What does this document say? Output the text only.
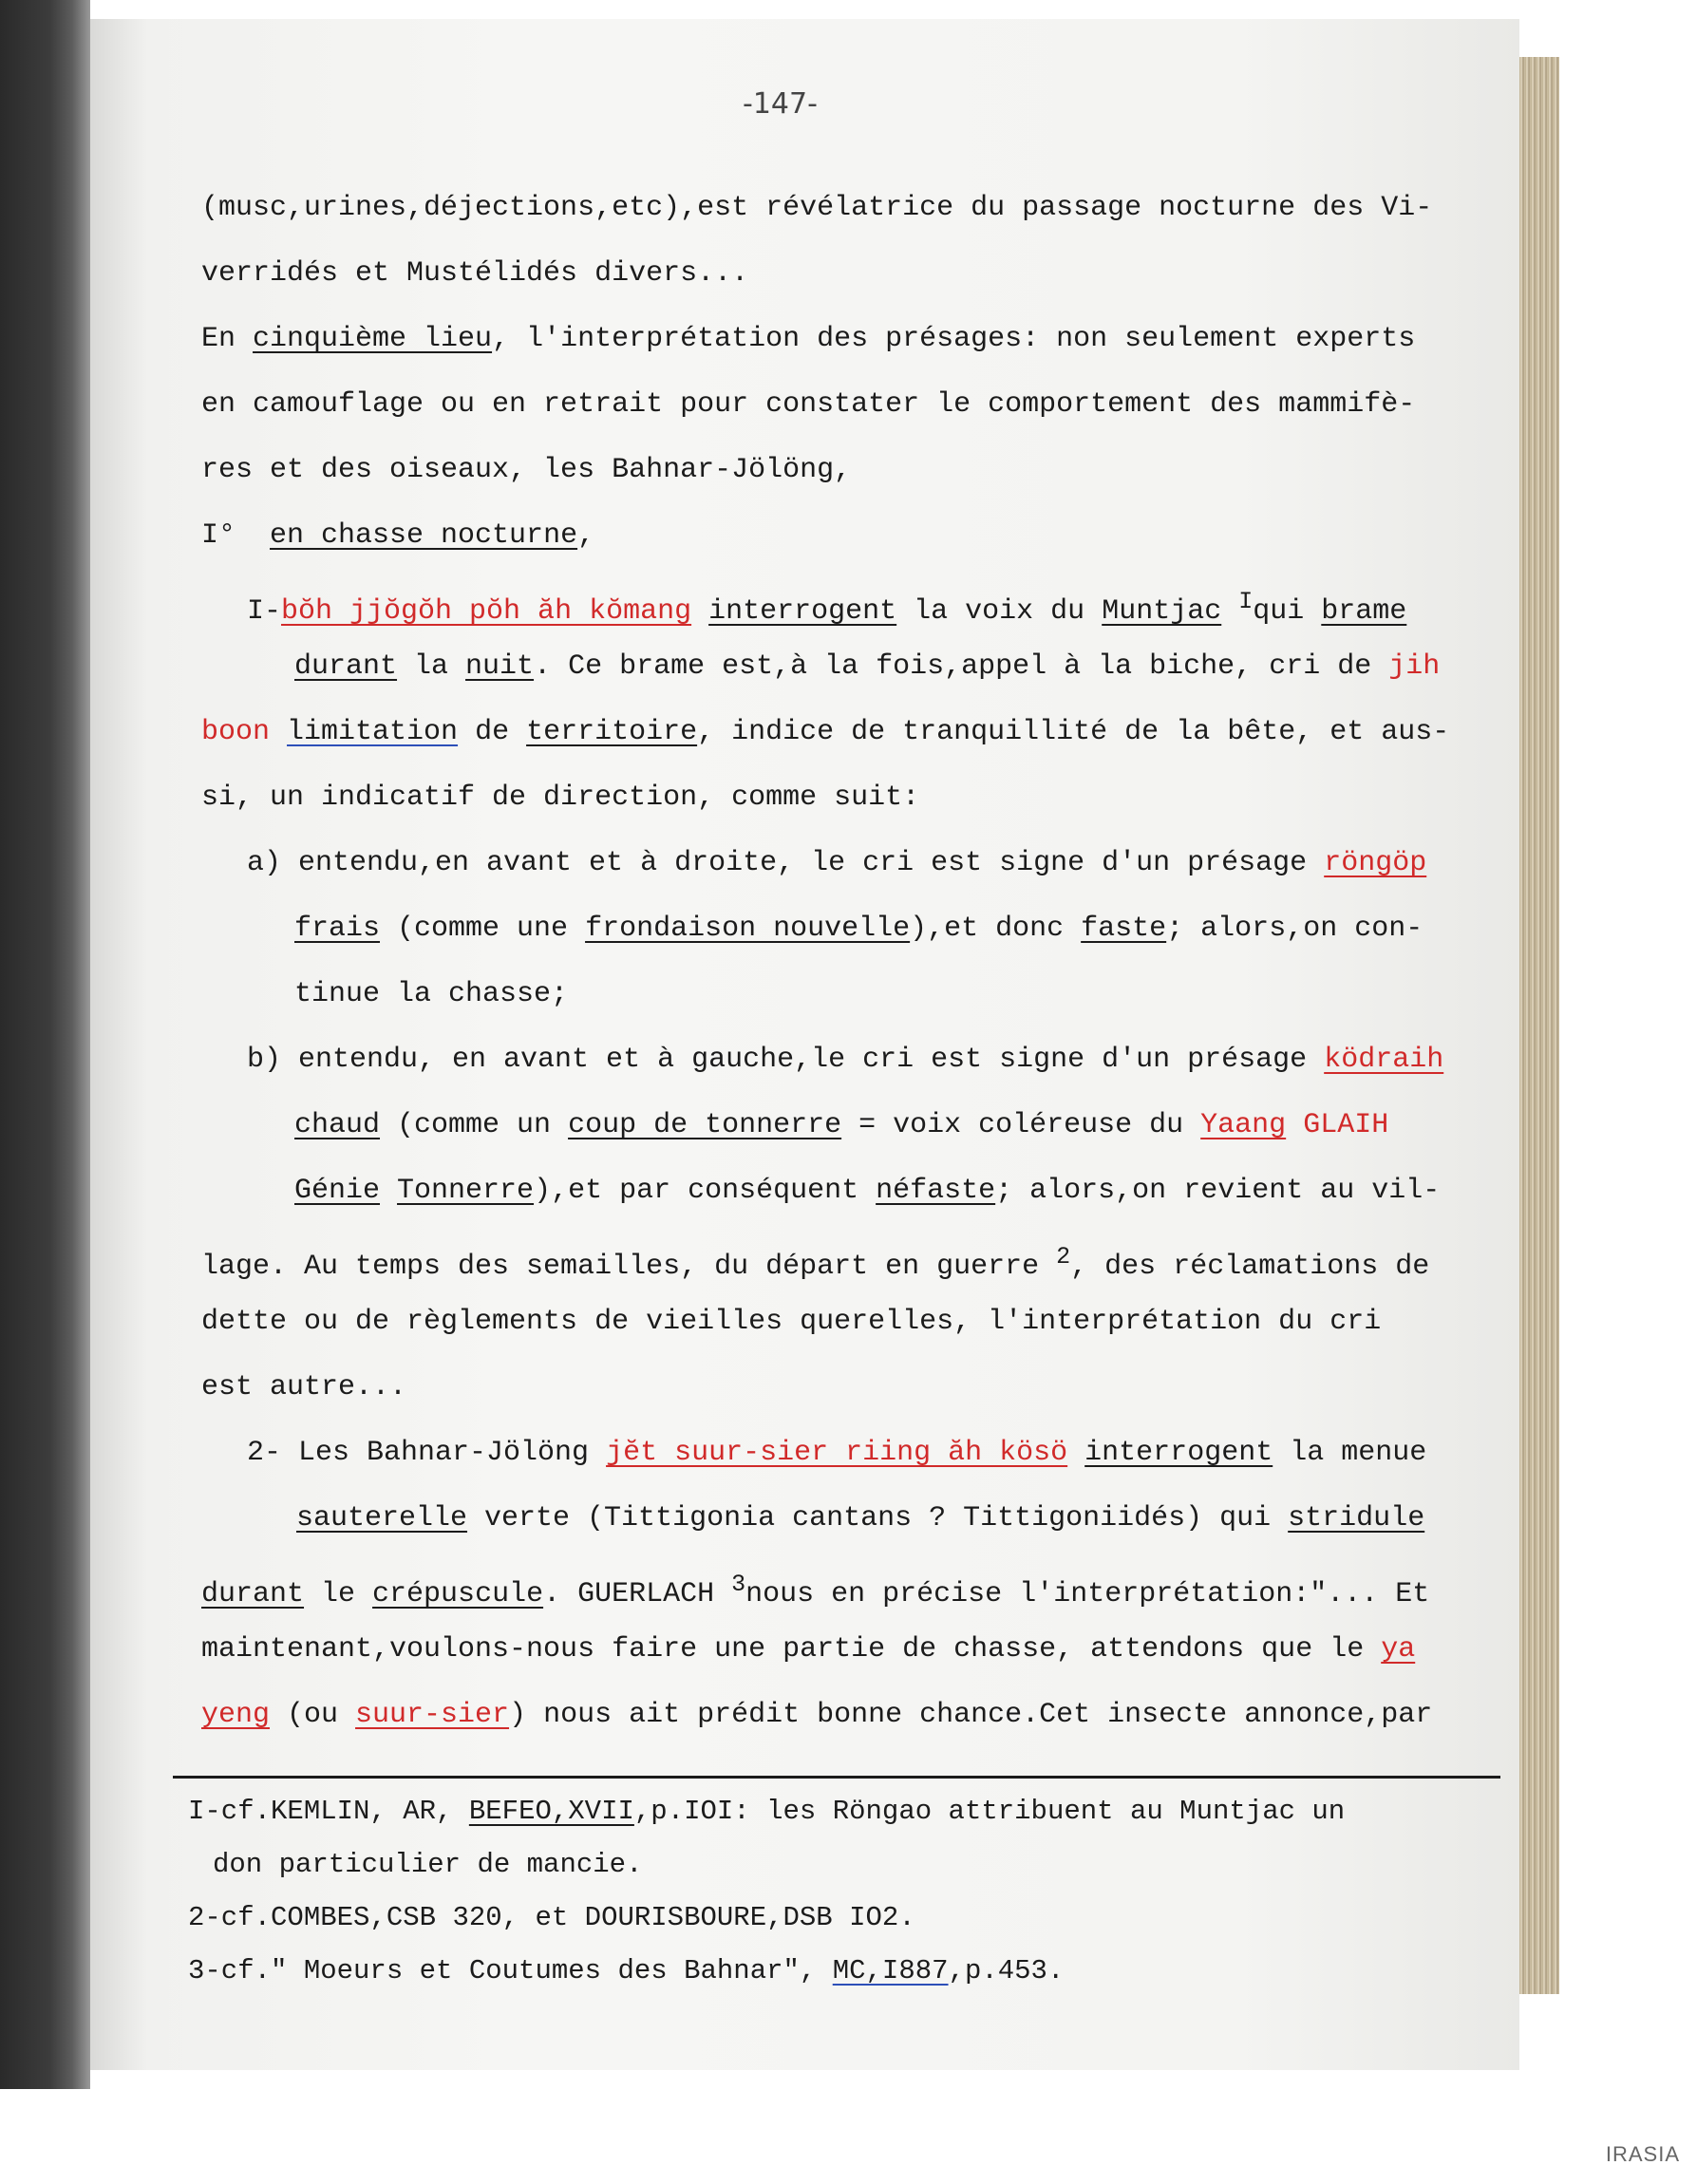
-147-
(musc,urines,déjections,etc),est révélatrice du passage nocturne des Vi-
verridés et Mustélidés divers...
En cinquième lieu, l'interprétation des présages: non seulement experts
en camouflage ou en retrait pour constater le comportement des mammifè-
res et des oiseaux, les Bahnar-Jölöng,
I°  en chasse nocturne,
I-bŏh jjŏgŏh pŏh ăh kŏmang interrogent la voix du Muntjac $^I$qui brame
durant la nuit. Ce brame est,à la fois,appel à la biche, cri de jih
boon limitation de territoire, indice de tranquillité de la bête, et aus-
si, un indicatif de direction, comme suit:
a) entendu,en avant et à droite, le cri est signe d'un présage röngöp
frais (comme une frondaison nouvelle),et donc faste; alors,on con-
tinue la chasse;
b) entendu, en avant et à gauche,le cri est signe d'un présage ködraih
chaud (comme un coup de tonnerre = voix coléreuse du Yaang GLAIH
Génie Tonnerre),et par conséquent néfaste; alors,on revient au vil-
lage. Au temps des semailles, du départ en guerre $^2$, des réclamations de
dette ou de règlements de vieilles querelles, l'interprétation du cri
est autre...
2- Les Bahnar-Jölöng jĕt suur-sier riing ăh kösö interrogent la menue
sauterelle verte (Tittigonia cantans ? Tittigoniidés) qui stridule
durant le crépuscule. GUERLACH $^3$nous en précise l'interprétation:"... Et
maintenant,voulons-nous faire une partie de chasse, attendons que le ya
yeng (ou suur-sier) nous ait prédit bonne chance.Cet insecte annonce,par
I-cf.KEMLIN, AR, BEFEO,XVII,p.IOI: les Röngao attribuent au Muntjac un
don particulier de mancie.
2-cf.COMBES,CSB 320, et DOURISBOURE,DSB IO2.
3-cf." Moeurs et Coutumes des Bahnar", MC,I887,p.453.
IRASIA
